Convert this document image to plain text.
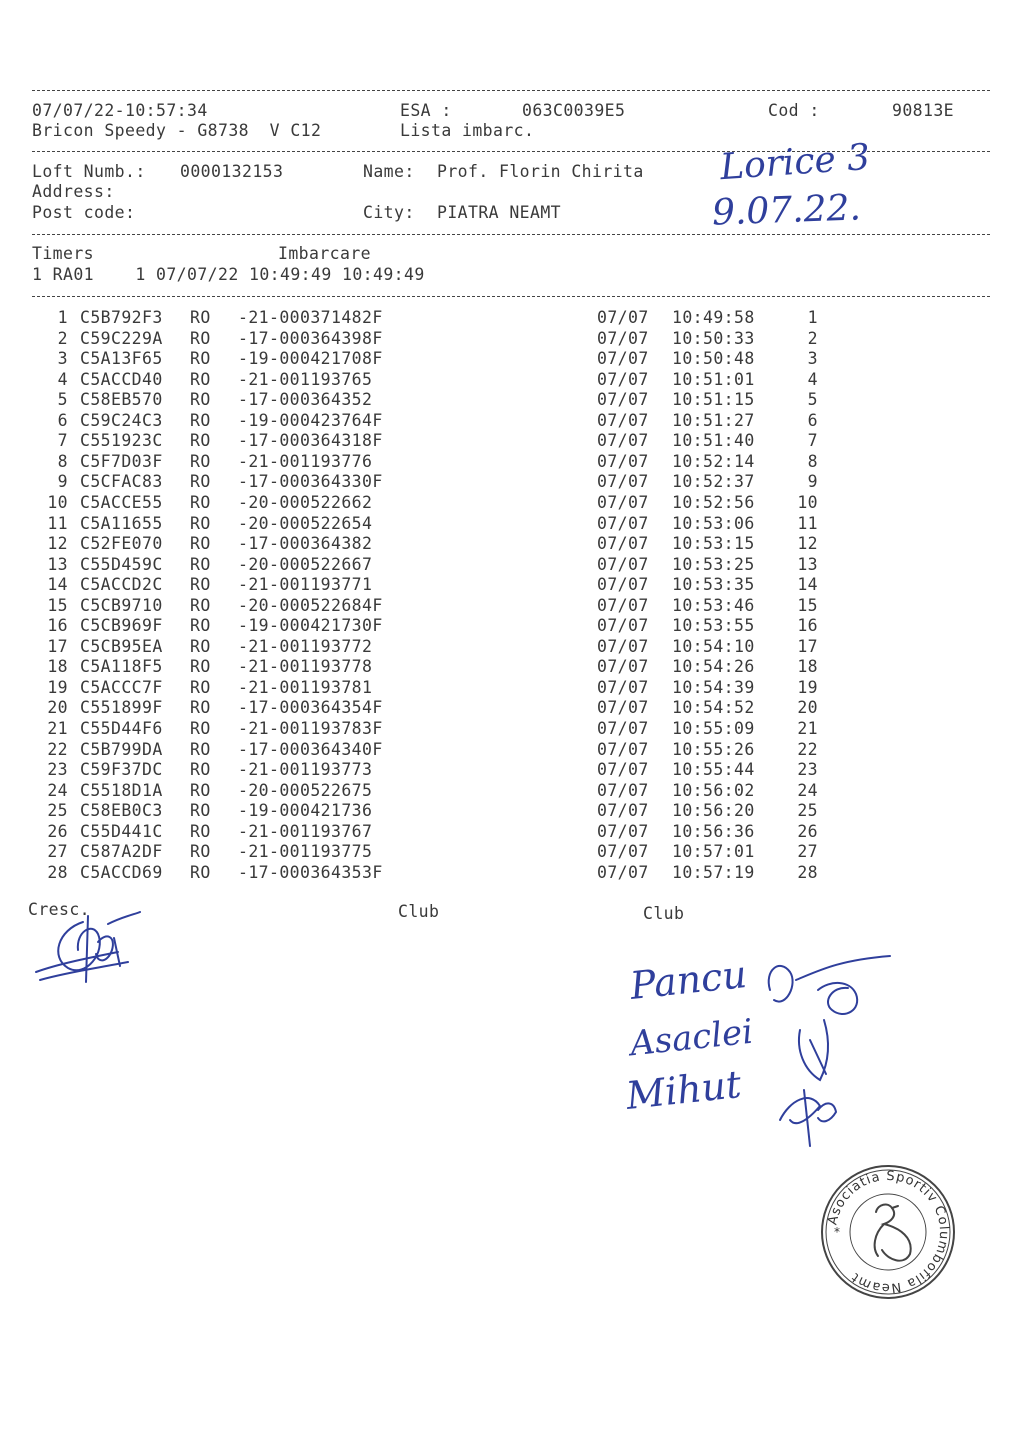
07/07/22-10:57:34	ESA :	063C0039E5	Cod :	90813E
Bricon Speedy - G8738  V C12	Lista imbarc.
Loft Numb.: 0000132153	Name: Prof. Florin Chirita
Address:
Post code:	City: PIATRA NEAMT
Lorice 3
9.07.22.
Timers	Imbarcare
1 RA01    1 07/07/22 10:49:49 10:49:49
1 C5B792F3 RO -21-000371482F	07/07 10:49:58	1
2 C59C229A RO -17-000364398F	07/07 10:50:33	2
3 C5A13F65 RO -19-000421708F	07/07 10:50:48	3
4 C5ACCD40 RO -21-001193765	07/07 10:51:01	4
5 C58EB570 RO -17-000364352	07/07 10:51:15	5
6 C59C24C3 RO -19-000423764F	07/07 10:51:27	6
7 C551923C RO -17-000364318F	07/07 10:51:40	7
8 C5F7D03F RO -21-001193776	07/07 10:52:14	8
9 C5CFAC83 RO -17-000364330F	07/07 10:52:37	9
10 C5ACCE55 RO -20-000522662	07/07 10:52:56	10
11 C5A11655 RO -20-000522654	07/07 10:53:06	11
12 C52FE070 RO -17-000364382	07/07 10:53:15	12
13 C55D459C RO -20-000522667	07/07 10:53:25	13
14 C5ACCD2C RO -21-001193771	07/07 10:53:35	14
15 C5CB9710 RO -20-000522684F	07/07 10:53:46	15
16 C5CB969F RO -19-000421730F	07/07 10:53:55	16
17 C5CB95EA RO -21-001193772	07/07 10:54:10	17
18 C5A118F5 RO -21-001193778	07/07 10:54:26	18
19 C5ACCC7F RO -21-001193781	07/07 10:54:39	19
20 C551899F RO -17-000364354F	07/07 10:54:52	20
21 C55D44F6 RO -21-001193783F	07/07 10:55:09	21
22 C5B799DA RO -17-000364340F	07/07 10:55:26	22
23 C59F37DC RO -21-001193773	07/07 10:55:44	23
24 C5518D1A RO -20-000522675	07/07 10:56:02	24
25 C58EB0C3 RO -19-000421736	07/07 10:56:20	25
26 C55D441C RO -21-001193767	07/07 10:56:36	26
27 C587A2DF RO -21-001193775	07/07 10:57:01	27
28 C5ACCD69 RO -17-000364353F	07/07 10:57:19	28
Cresc.	Club	Club
Pancu
Asaclei
Mihut
Asociatia Sportiv Columbofila Neamt
*
